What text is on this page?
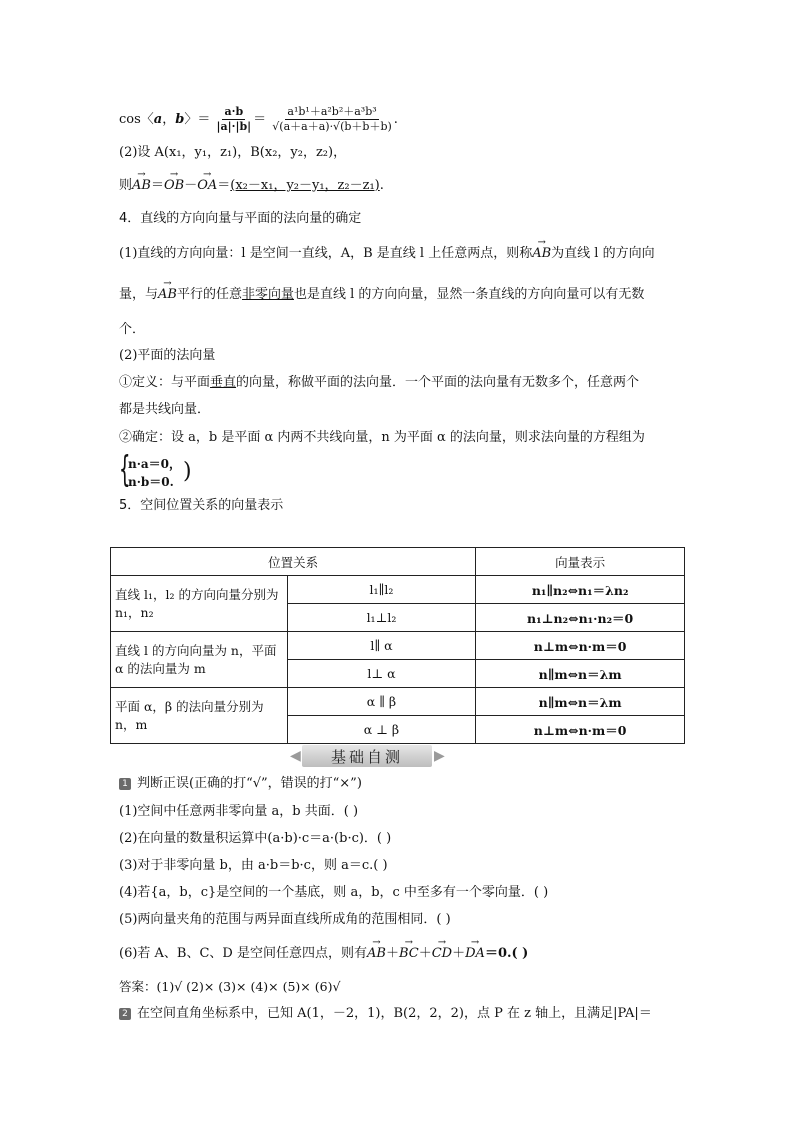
cos〈a，b〉＝ $\frac{a\cdot b}{|a|\cdot|b|} = \frac{\text{a¹b¹＋a²b²＋a³b³}}{√(a+a+a)\cdot√(b+b+b)}$ .
(2)设 A(x₁，y₁，z₁)，B(x₂，y₂，z₂)，
则→ AB＝→ OB－→ OA＝(x₂－x₁，y₂－y₁，z₂－z₁).
4．直线的方向向量与平面的法向量的确定
(1)直线的方向向量：l 是空间一直线，A，B 是直线 l 上任意两点，则称→ AB为直线 l 的方向向
量，与→ AB平行的任意非零向量也是直线 l 的方向向量，显然一条直线的方向向量可以有无数
个．
(2)平面的法向量
①定义：与平面垂直的向量，称做平面的法向量．一个平面的法向量有无数多个，任意两个
都是共线向量．
②确定：设 a，b 是平面 α 内两不共线向量，n 为平面 α 的法向量，则求法向量的方程组为
{
n·a＝0，
n·b＝0. )
5．空间位置关系的向量表示
位置关系		向量表示
直线 l₁，l₂ 的方向向量分别为 n₁，n₂	l₁∥l₂	n₁∥n₂⇔n₁＝λn₂
	l₁⊥l₂	n₁⊥n₂⇔n₁·n₂＝0
直线 l 的方向向量为 n，平面 α 的法向量为 m	l∥ α	n⊥m⇔n·m＝0
	l⊥ α	n∥m⇔n＝λm
平面 α，β 的法向量分别为 n，m	α ∥ β	n∥m⇔n＝λm
	α ⊥ β	n⊥m⇔n·m＝0
◀	基础自测	▶
1 判断正误(正确的打“√”，错误的打“×”)
(1)空间中任意两非零向量 a，b 共面．( )
(2)在向量的数量积运算中(a·b)·c＝a·(b·c)．( )
(3)对于非零向量 b，由 a·b＝b·c，则 a＝c.( )
(4)若{a，b，c}是空间的一个基底，则 a，b，c 中至多有一个零向量．( )
(5)两向量夹角的范围与两异面直线所成角的范围相同．( )
(6)若 A、B、C、D 是空间任意四点，则有→ AB＋→ BC＋→ CD＋→ DA＝0.( )
答案：(1)√ (2)× (3)× (4)× (5)× (6)√
2 在空间直角坐标系中，已知 A(1，－2，1)，B(2，2，2)，点 P 在 z 轴上，且满足|PA|＝
